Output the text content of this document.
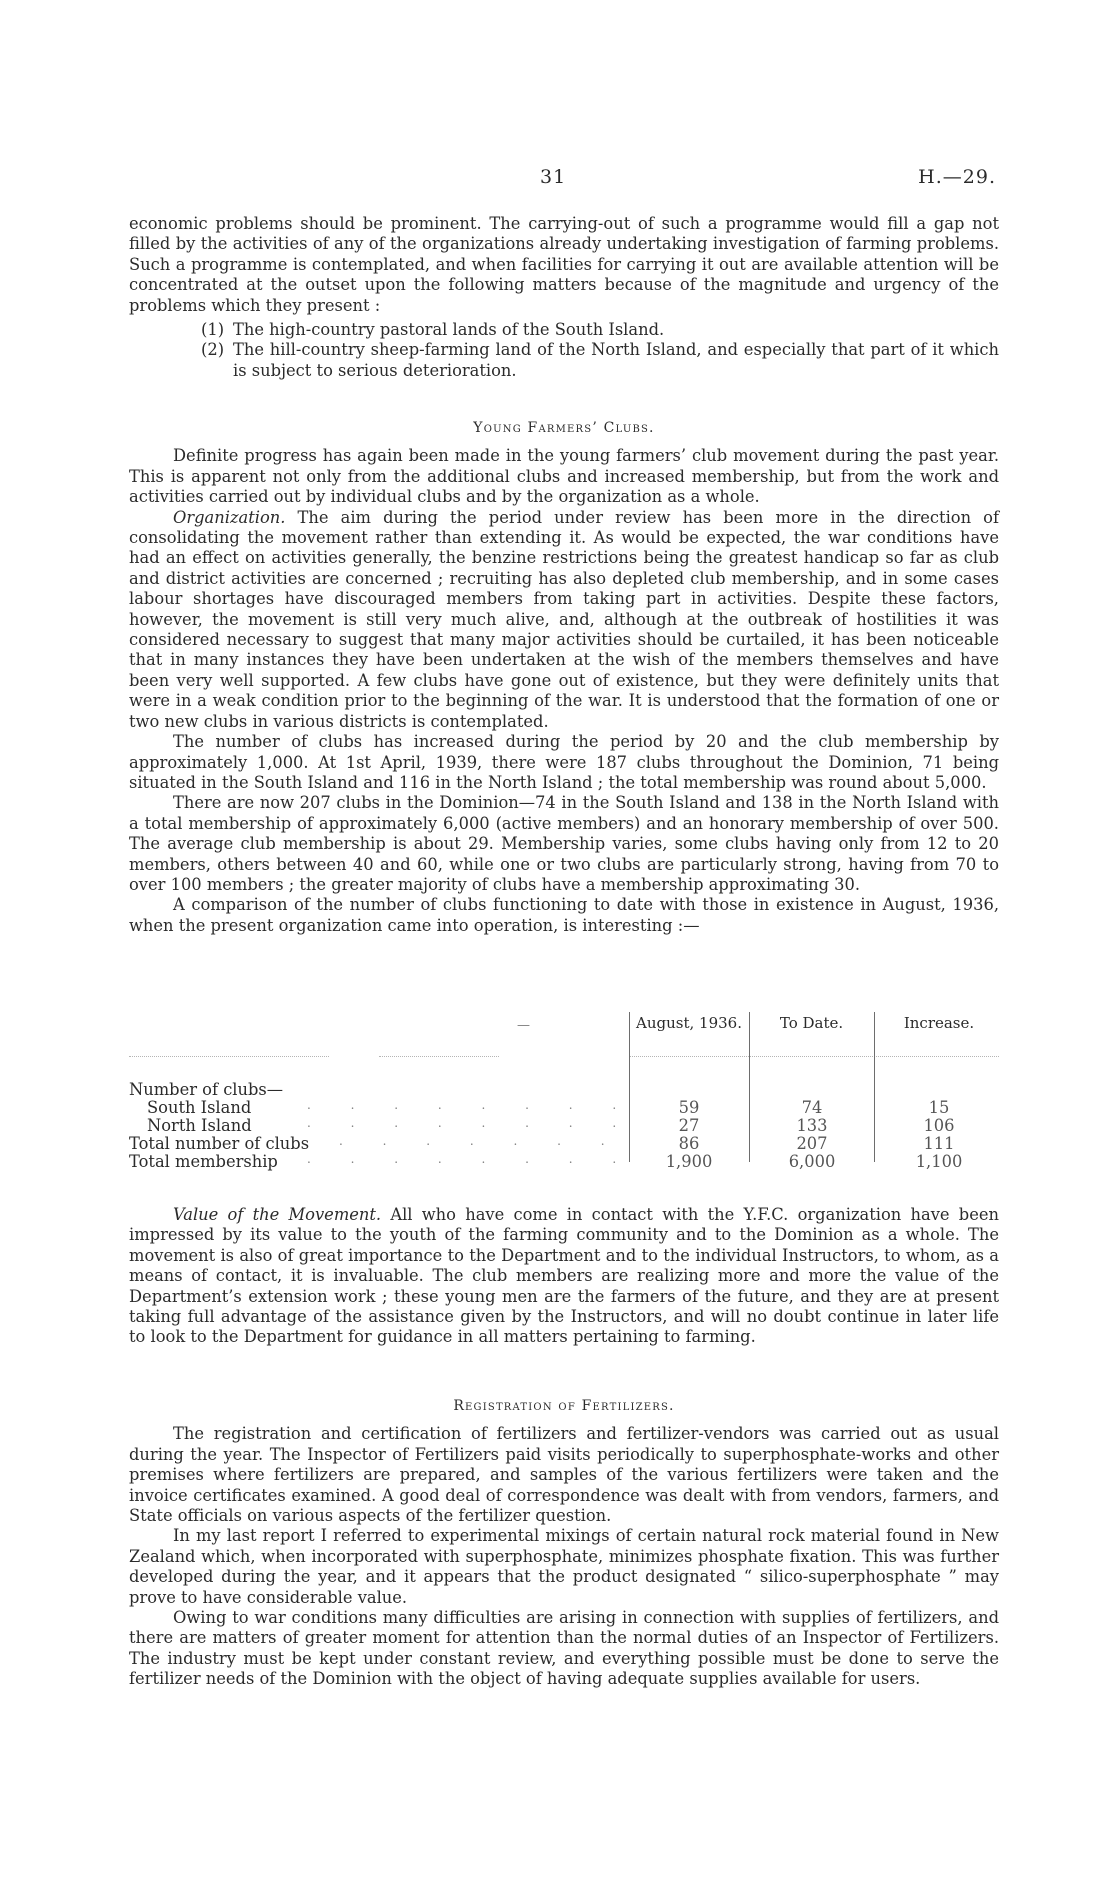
31	H.—29.

economic problems should be prominent. The carrying-out of such a programme would fill a gap not filled by the activities of any of the organizations already undertaking investigation of farming problems. Such a programme is contemplated, and when facilities for carrying it out are available attention will be concentrated at the outset upon the following matters because of the magnitude and urgency of the problems which they present :

(1) The high-country pastoral lands of the South Island.
(2) The hill-country sheep-farming land of the North Island, and especially that part of it which is subject to serious deterioration.

Young Farmers’ Clubs.

Definite progress has again been made in the young farmers’ club movement during the past year. This is apparent not only from the additional clubs and increased membership, but from the work and activities carried out by individual clubs and by the organization as a whole.

Organization. The aim during the period under review has been more in the direction of consolidating the movement rather than extending it. As would be expected, the war conditions have had an effect on activities generally, the benzine restrictions being the greatest handicap so far as club and district activities are concerned ; recruiting has also depleted club membership, and in some cases labour shortages have discouraged members from taking part in activities. Despite these factors, however, the movement is still very much alive, and, although at the outbreak of hostilities it was considered necessary to suggest that many major activities should be curtailed, it has been noticeable that in many instances they have been undertaken at the wish of the members themselves and have been very well supported. A few clubs have gone out of existence, but they were definitely units that were in a weak condition prior to the beginning of the war. It is understood that the formation of one or two new clubs in various districts is contemplated.

The number of clubs has increased during the period by 20 and the club membership by approximately 1,000. At 1st April, 1939, there were 187 clubs throughout the Dominion, 71 being situated in the South Island and 116 in the North Island ; the total membership was round about 5,000.

There are now 207 clubs in the Dominion—74 in the South Island and 138 in the North Island with a total membership of approximately 6,000 (active members) and an honorary membership of over 500. The average club membership is about 29. Membership varies, some clubs having only from 12 to 20 members, others between 40 and 60, while one or two clubs are particularly strong, having from 70 to over 100 members ; the greater majority of clubs have a membership approximating 30.

A comparison of the number of clubs functioning to date with those in existence in August, 1936, when the present organization came into operation, is interesting :—

—	August, 1936.	To Date.	Increase.
Number of clubs—
South Island	. . . . . . . .	59	74	15
North Island	. . . . . . . .	27	133	106
Total number of clubs . . . . . . .	86	207	111
Total membership . . . . . . . .	1,900	6,000	1,100

Value of the Movement. All who have come in contact with the Y.F.C. organization have been impressed by its value to the youth of the farming community and to the Dominion as a whole. The movement is also of great importance to the Department and to the individual Instructors, to whom, as a means of contact, it is invaluable. The club members are realizing more and more the value of the Department’s extension work ; these young men are the farmers of the future, and they are at present taking full advantage of the assistance given by the Instructors, and will no doubt continue in later life to look to the Department for guidance in all matters pertaining to farming.

Registration of Fertilizers.

The registration and certification of fertilizers and fertilizer-vendors was carried out as usual during the year. The Inspector of Fertilizers paid visits periodically to superphosphate-works and other premises where fertilizers are prepared, and samples of the various fertilizers were taken and the invoice certificates examined. A good deal of correspondence was dealt with from vendors, farmers, and State officials on various aspects of the fertilizer question.

In my last report I referred to experimental mixings of certain natural rock material found in New Zealand which, when incorporated with superphosphate, minimizes phosphate fixation. This was further developed during the year, and it appears that the product designated “ silico-superphosphate ” may prove to have considerable value.

Owing to war conditions many difficulties are arising in connection with supplies of fertilizers, and there are matters of greater moment for attention than the normal duties of an Inspector of Fertilizers. The industry must be kept under constant review, and everything possible must be done to serve the fertilizer needs of the Dominion with the object of having adequate supplies available for users.
